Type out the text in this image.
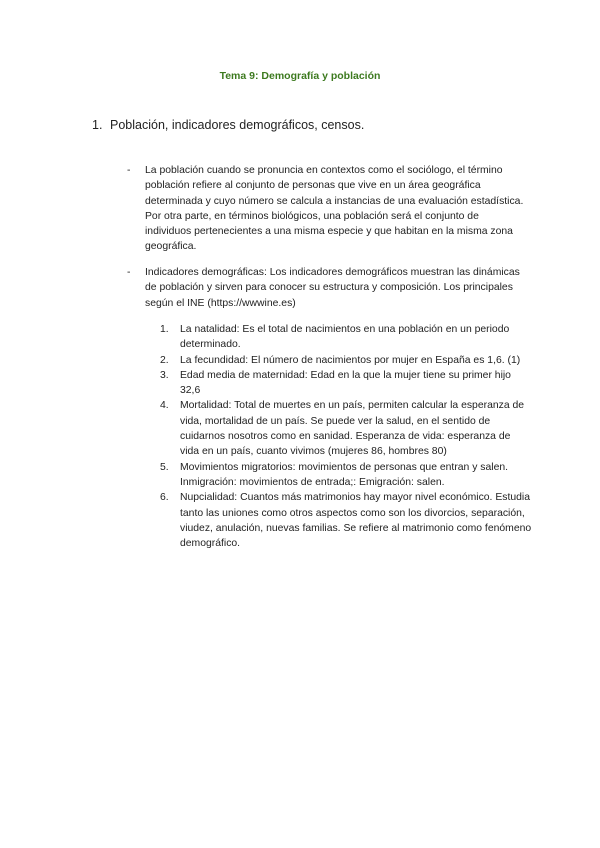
Tema 9: Demografía y población
1. Población, indicadores demográficos, censos.
- La población cuando se pronuncia en contextos como el sociólogo, el término población refiere al conjunto de personas que vive en un área geográfica determinada y cuyo número se calcula a instancias de una evaluación estadística. Por otra parte, en términos biológicos, una población será el conjunto de individuos pertenecientes a una misma especie y que habitan en la misma zona geográfica.
- Indicadores demográficas: Los indicadores demográficos muestran las dinámicas de población y sirven para conocer su estructura y composición. Los principales según el INE (https://wwwine.es)
1. La natalidad: Es el total de nacimientos en una población en un periodo determinado.
2. La fecundidad: El número de nacimientos por mujer en España es 1,6. (1)
3. Edad media de maternidad: Edad en la que la mujer tiene su primer hijo 32,6
4. Mortalidad: Total de muertes en un país, permiten calcular la esperanza de vida, mortalidad de un país. Se puede ver la salud, en el sentido de cuidarnos nosotros como en sanidad. Esperanza de vida: esperanza de vida en un país, cuanto vivimos (mujeres 86, hombres 80)
5. Movimientos migratorios: movimientos de personas que entran y salen. Inmigración: movimientos de entrada;: Emigración: salen.
6. Nupcialidad: Cuantos más matrimonios hay mayor nivel económico. Estudia tanto las uniones como otros aspectos como son los divorcios, separación, viudez, anulación, nuevas familias. Se refiere al matrimonio como fenómeno demográfico.
